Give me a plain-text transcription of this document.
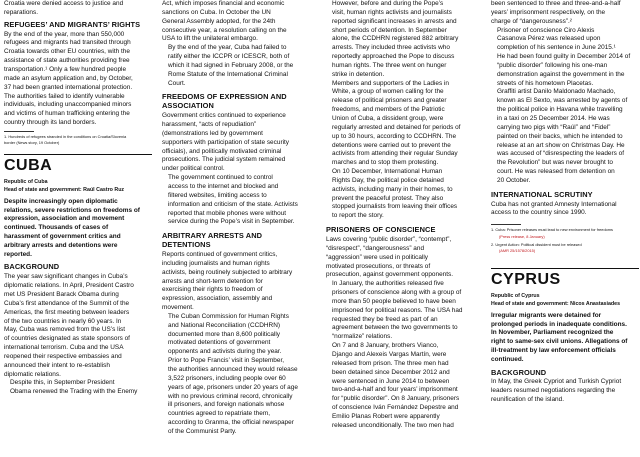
Croatia were denied access to justice and
reparations.
REFUGEES’ AND MIGRANTS’ RIGHTS
By the end of the year, more than 550,000
refugees and migrants had transited through
Croatia towards other EU countries, with the
assistance of state authorities providing free
transportation.¹ Only a few hundred people
made an asylum application and, by October,
37 had been granted international protection.
The authorities failed to identify vulnerable
individuals, including unaccompanied minors
and victims of human trafficking entering the
country through its land borders.
1. Hundreds of refugees stranded in the conditions on Croatia/Slovenia
border (News story, 19 October)
CUBA
Republic of Cuba
Head of state and government: Raúl Castro Ruz
Despite increasingly open diplomatic
relations, severe restrictions on freedoms of
expression, association and movement
continued. Thousands of cases of
harassment of government critics and
arbitrary arrests and detentions were
reported.
BACKGROUND
The year saw significant changes in Cuba’s
diplomatic relations. In April, President Castro
met US President Barack Obama during
Cuba’s first attendance of the Summit of the
Americas, the first meeting between leaders
of the two countries in nearly 60 years. In
May, Cuba was removed from the US’s list
of countries designated as state sponsors of
international terrorism. Cuba and the USA
reopened their respective embassies and
announced their intent to re-establish
diplomatic relations.
Despite this, in September President
Obama renewed the Trading with the Enemy
Act, which imposes financial and economic
sanctions on Cuba. In October the UN
General Assembly adopted, for the 24th
consecutive year, a resolution calling on the
USA to lift the unilateral embargo.
By the end of the year, Cuba had failed to
ratify either the ICCPR or ICESCR, both of
which it had signed in February 2008, or the
Rome Statute of the International Criminal
Court.
FREEDOMS OF EXPRESSION AND
ASSOCIATION
Government critics continued to experience
harassment, “acts of repudiation”
(demonstrations led by government
supporters with participation of state security
officials), and politically motivated criminal
prosecutions. The judicial system remained
under political control.
The government continued to control
access to the internet and blocked and
filtered websites, limiting access to
information and criticism of the state. Activists
reported that mobile phones were without
service during the Pope’s visit in September.
ARBITRARY ARRESTS AND DETENTIONS
Reports continued of government critics,
including journalists and human rights
activists, being routinely subjected to arbitrary
arrests and short-term detention for
exercising their rights to freedom of
expression, association, assembly and
movement.
The Cuban Commission for Human Rights
and National Reconciliation (CCDHRN)
documented more than 8,600 politically
motivated detentions of government
opponents and activists during the year.
Prior to Pope Francis’ visit in September,
the authorities announced they would release
3,522 prisoners, including people over 60
years of age, prisoners under 20 years of age
with no previous criminal record, chronically
ill prisoners, and foreign nationals whose
countries agreed to repatriate them,
according to Granma, the official newspaper
of the Communist Party.
However, before and during the Pope’s
visit, human rights activists and journalists
reported significant increases in arrests and
short periods of detention. In September
alone, the CCDHRN registered 882 arbitrary
arrests. They included three activists who
reportedly approached the Pope to discuss
human rights. The three went on hunger
strike in detention.
Members and supporters of the Ladies in
White, a group of women calling for the
release of political prisoners and greater
freedoms, and members of the Patriotic
Union of Cuba, a dissident group, were
regularly arrested and detained for periods of
up to 30 hours, according to CCDHRN. The
detentions were carried out to prevent the
activists from attending their regular Sunday
marches and to stop them protesting.
On 10 December, International Human
Rights Day, the political police detained
activists, including many in their homes, to
prevent the peaceful protest. They also
stopped journalists from leaving their offices
to report the story.
PRISONERS OF CONSCIENCE
Laws covering “public disorder”, “contempt”,
“disrespect”, “dangerousness” and
“aggression” were used in politically
motivated prosecutions, or threats of
prosecution, against government opponents.
In January, the authorities released five
prisoners of conscience along with a group of
more than 50 people believed to have been
imprisoned for political reasons. The USA had
requested they be freed as part of an
agreement between the two governments to
“normalize” relations.
On 7 and 8 January, brothers Vianco,
Django and Alexeis Vargas Martín, were
released from prison. The three men had
been detained since December 2012 and
were sentenced in June 2014 to between
two-and-a-half and four years’ imprisonment
for “public disorder”. On 8 January, prisoners
of conscience Iván Fernández Depestre and
Emilio Planas Robert were apparently
released unconditionally. The two men had
been sentenced to three and three-and-a-half
years’ imprisonment respectively, on the
charge of “dangerousness”.²
Prisoner of conscience Ciro Alexis
Casanova Pérez was released upon
completion of his sentence in June 2015.¹
He had been found guilty in December 2014 of
“public disorder” following his one-man
demonstration against the government in the
streets of his hometown Placetas.
Graffiti artist Danilo Maldonado Machado,
known as El Sexto, was arrested by agents of
the political police in Havana while travelling
in a taxi on 25 December 2014. He was
carrying two pigs with “Raúl” and “Fidel”
painted on their backs, which he intended to
release at an art show on Christmas Day. He
was accused of “disrespecting the leaders of
the Revolution” but was never brought to
court. He was released from detention on
20 October.
INTERNATIONAL SCRUTINY
Cuba has not granted Amnesty International
access to the country since 1990.
1. Cuba: Prisoner releases must lead to new environment for freedoms
(Press release, 8 January)
2. Urgent Action: Political dissident must be released
(AMR 25/1578/2015)
CYPRUS
Republic of Cyprus
Head of state and government: Nicos Anastasiades
Irregular migrants were detained for
prolonged periods in inadequate conditions.
In November, Parliament recognized the
right to same-sex civil unions. Allegations of
ill-treatment by law enforcement officials
continued.
BACKGROUND
In May, the Greek Cypriot and Turkish Cypriot
leaders resumed negotiations regarding the
reunification of the island.
